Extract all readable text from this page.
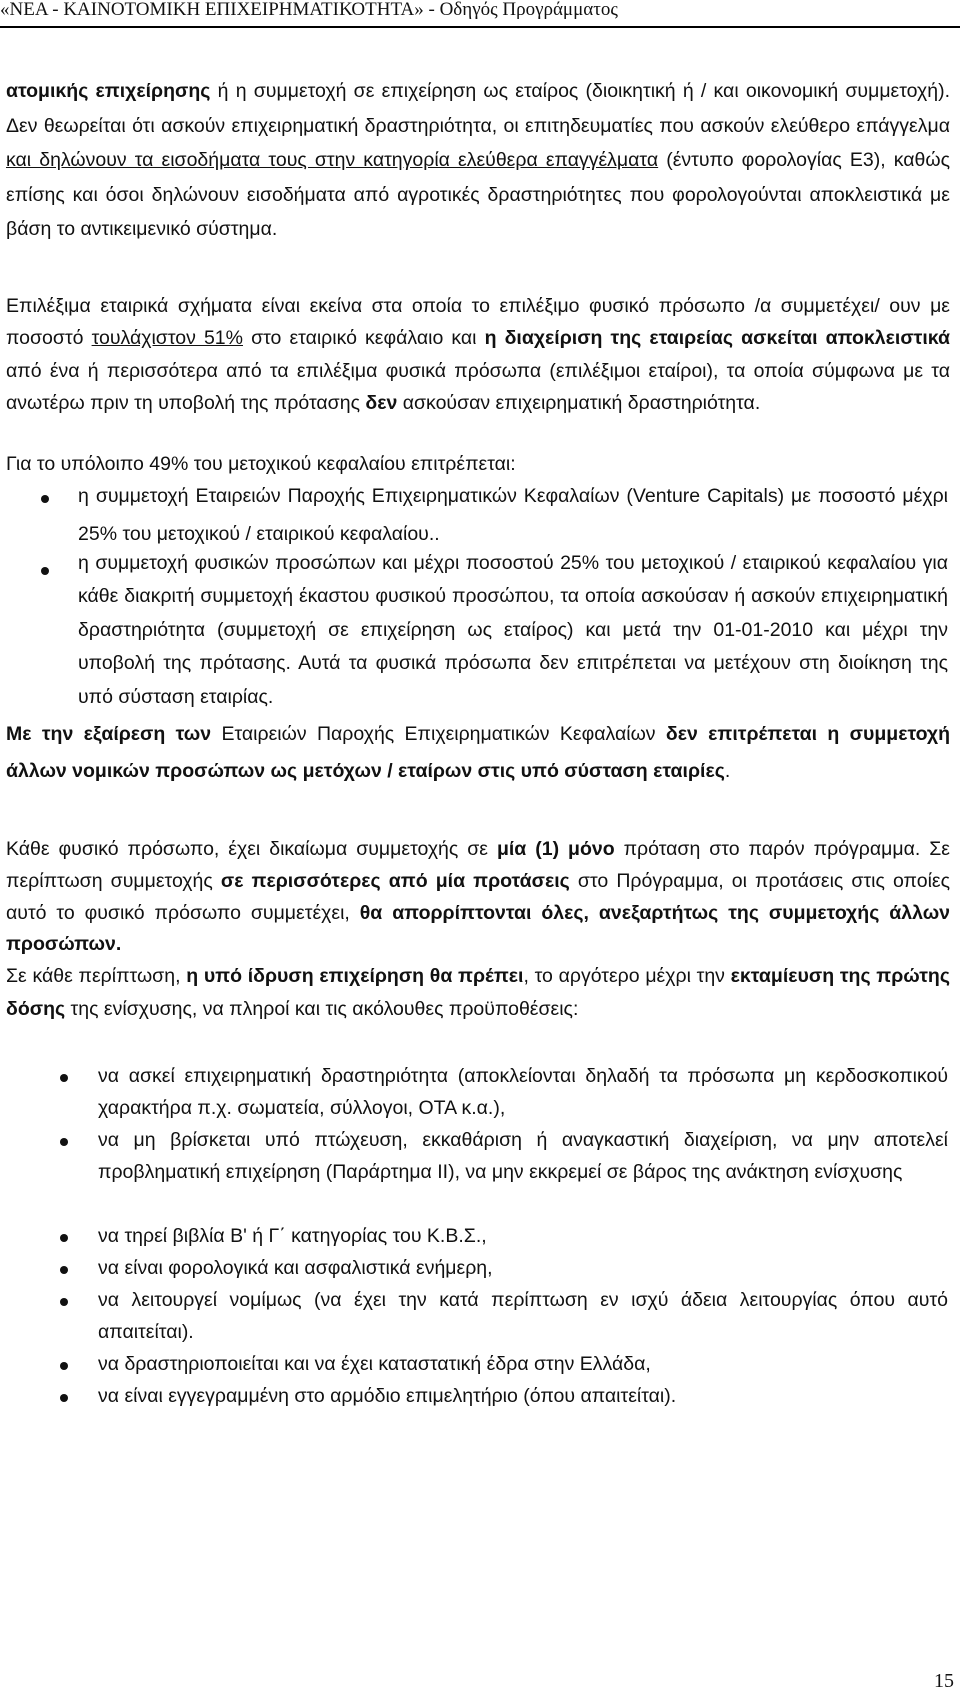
«ΝΕΑ - ΚΑΙΝΟΤΟΜΙΚΗ ΕΠΙΧΕΙΡΗΜΑΤΙΚΟΤΗΤΑ» - Οδηγός Προγράμματος

ατομικής επιχείρησης ή η συμμετοχή σε επιχείρηση ως εταίρος (διοικητική ή / και οικονομική συμμετοχή). Δεν θεωρείται ότι ασκούν επιχειρηματική δραστηριότητα, οι επιτηδευματίες που ασκούν ελεύθερο επάγγελμα και δηλώνουν τα εισοδήματα τους στην κατηγορία ελεύθερα επαγγέλματα (έντυπο φορολογίας Ε3), καθώς επίσης και όσοι δηλώνουν εισοδήματα από αγροτικές δραστηριότητες που φορολογούνται αποκλειστικά με βάση το αντικειμενικό σύστημα.

Επιλέξιμα εταιρικά σχήματα είναι εκείνα στα οποία το επιλέξιμο φυσικό πρόσωπο /α συμμετέχει/ ουν με ποσοστό τουλάχιστον 51% στο εταιρικό κεφάλαιο και η διαχείριση της εταιρείας ασκείται αποκλειστικά από ένα ή περισσότερα από τα επιλέξιμα φυσικά πρόσωπα (επιλέξιμοι εταίροι), τα οποία σύμφωνα με τα ανωτέρω πριν τη υποβολή της πρότασης δεν ασκούσαν επιχειρηματική δραστηριότητα.

Για το υπόλοιπο 49% του μετοχικού κεφαλαίου επιτρέπεται:

η συμμετοχή Εταιρειών Παροχής Επιχειρηματικών Κεφαλαίων (Venture Capitals) με ποσοστό μέχρι 25% του μετοχικού / εταιρικού κεφαλαίου..

η συμμετοχή φυσικών προσώπων και μέχρι ποσοστού 25% του μετοχικού / εταιρικού κεφαλαίου για κάθε διακριτή συμμετοχή έκαστου φυσικού προσώπου, τα οποία ασκούσαν ή ασκούν επιχειρηματική δραστηριότητα (συμμετοχή σε επιχείρηση ως εταίρος) και μετά την 01-01-2010 και μέχρι την υποβολή της πρότασης. Αυτά τα φυσικά πρόσωπα δεν επιτρέπεται να μετέχουν στη διοίκηση της υπό σύσταση εταιρίας.

Με την εξαίρεση των Εταιρειών Παροχής Επιχειρηματικών Κεφαλαίων δεν επιτρέπεται η συμμετοχή άλλων νομικών προσώπων ως μετόχων / εταίρων στις υπό σύσταση εταιρίες.

Κάθε φυσικό πρόσωπο, έχει δικαίωμα συμμετοχής σε μία (1) μόνο πρόταση στο παρόν πρόγραμμα. Σε περίπτωση συμμετοχής σε περισσότερες από μία προτάσεις στο Πρόγραμμα, οι προτάσεις στις οποίες αυτό το φυσικό πρόσωπο συμμετέχει, θα απορρίπτονται όλες, ανεξαρτήτως της συμμετοχής άλλων προσώπων.

Σε κάθε περίπτωση, η υπό ίδρυση επιχείρηση θα πρέπει, το αργότερο μέχρι την εκταμίευση της πρώτης δόσης της ενίσχυσης, να πληροί και τις ακόλουθες προϋποθέσεις:

να ασκεί επιχειρηματική δραστηριότητα (αποκλείονται δηλαδή τα πρόσωπα μη κερδοσκοπικού χαρακτήρα π.χ. σωματεία, σύλλογοι, ΟΤΑ κ.α.),

να μη βρίσκεται υπό πτώχευση, εκκαθάριση ή αναγκαστική διαχείριση, να μην αποτελεί προβληματική επιχείρηση (Παράρτημα ΙΙ), να μην εκκρεμεί σε βάρος της ανάκτηση ενίσχυσης

να τηρεί βιβλία Β' ή Γ΄ κατηγορίας του Κ.Β.Σ.,

να είναι φορολογικά και ασφαλιστικά ενήμερη,

να λειτουργεί νομίμως (να έχει την κατά περίπτωση εν ισχύ άδεια λειτουργίας όπου αυτό απαιτείται).

να δραστηριοποιείται και να έχει καταστατική έδρα στην Ελλάδα,

να είναι εγγεγραμμένη στο αρμόδιο επιμελητήριο (όπου απαιτείται).

15
